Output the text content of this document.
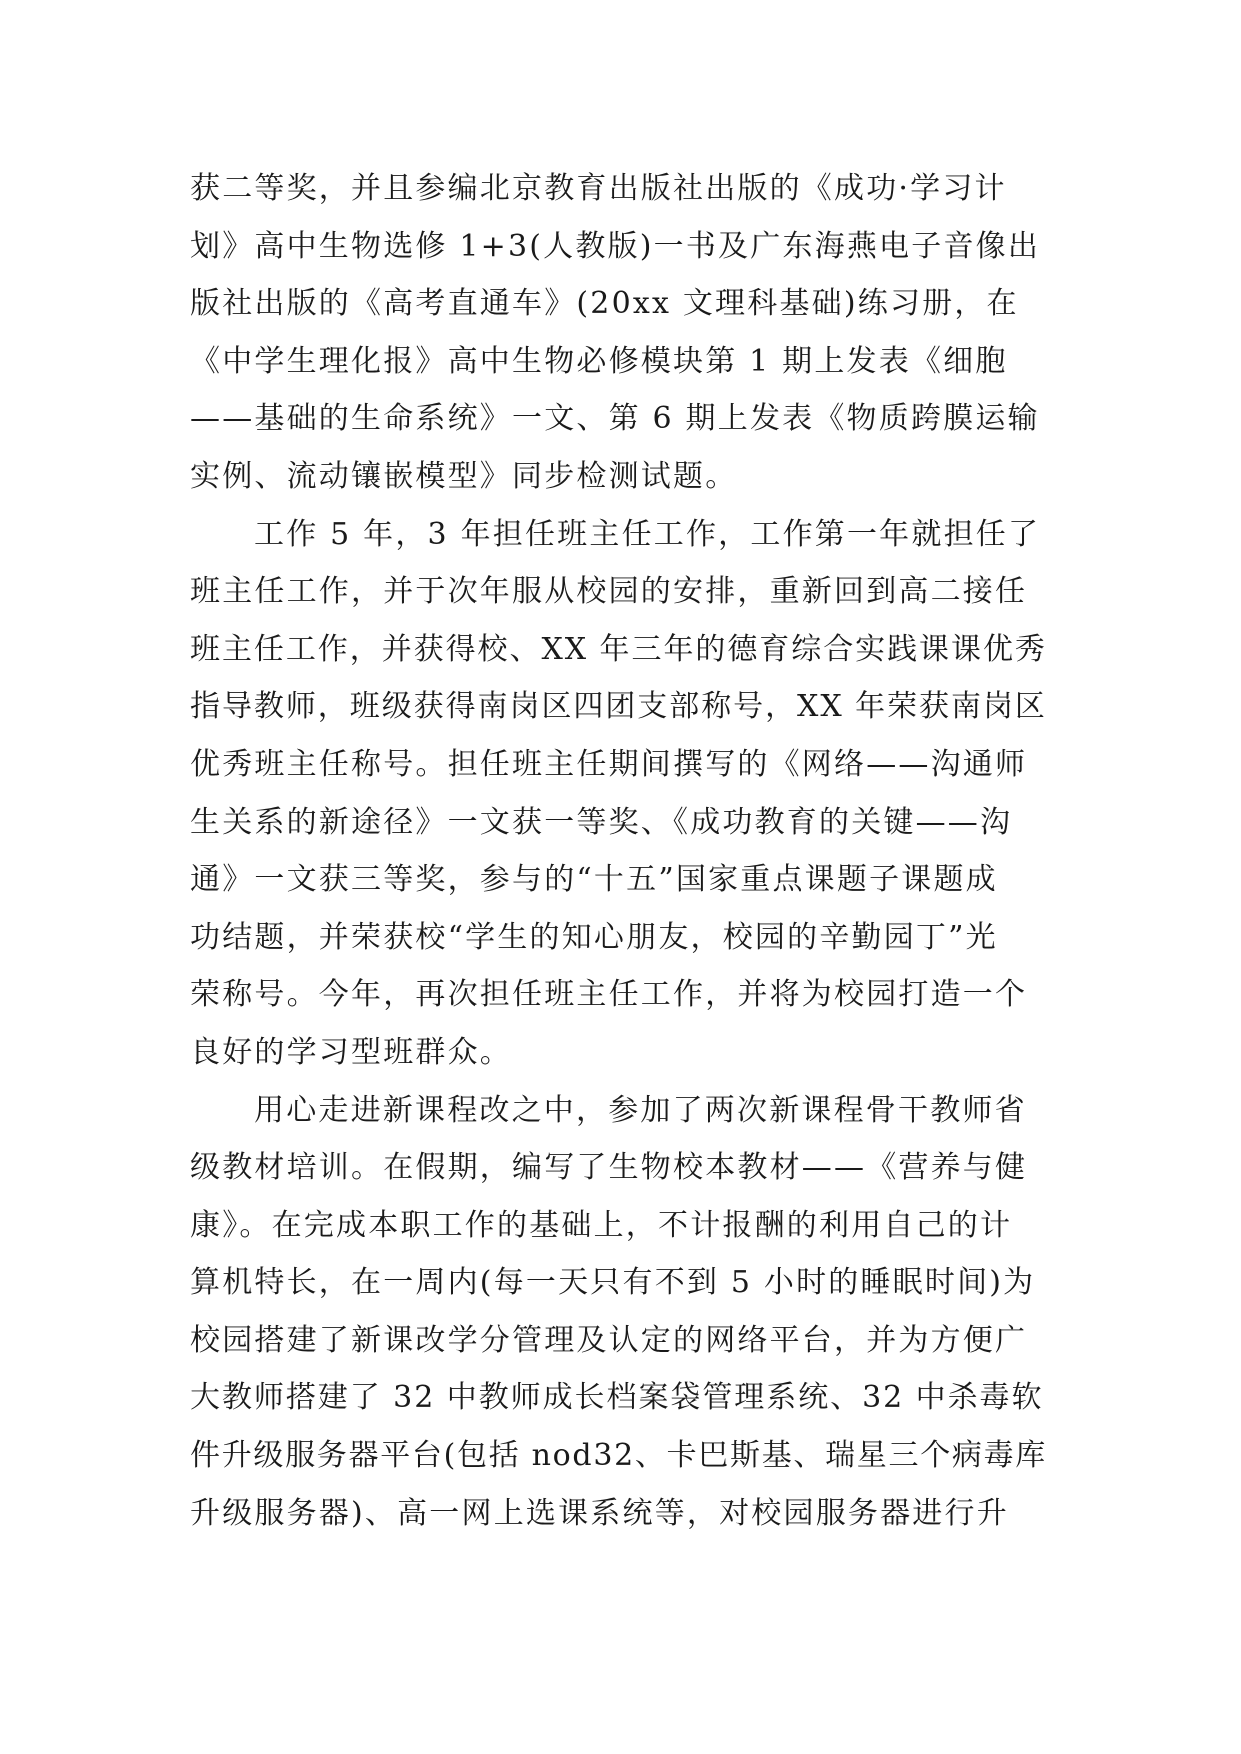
获二等奖，并且参编北京教育出版社出版的《成功·学习计
划》高中生物选修 1+3(人教版)一书及广东海燕电子音像出
版社出版的《高考直通车》(20xx 文理科基础)练习册，在
《中学生理化报》高中生物必修模块第 1 期上发表《细胞
——基础的生命系统》一文、第 6 期上发表《物质跨膜运输
实例、流动镶嵌模型》同步检测试题。
工作 5 年，3 年担任班主任工作，工作第一年就担任了
班主任工作，并于次年服从校园的安排，重新回到高二接任
班主任工作，并获得校、XX 年三年的德育综合实践课课优秀
指导教师，班级获得南岗区四团支部称号，XX 年荣获南岗区
优秀班主任称号。担任班主任期间撰写的《网络——沟通师
生关系的新途径》一文获一等奖、《成功教育的关键——沟
通》一文获三等奖，参与的“十五”国家重点课题子课题成
功结题，并荣获校“学生的知心朋友，校园的辛勤园丁”光
荣称号。今年，再次担任班主任工作，并将为校园打造一个
良好的学习型班群众。
用心走进新课程改之中，参加了两次新课程骨干教师省
级教材培训。在假期，编写了生物校本教材——《营养与健
康》。在完成本职工作的基础上，不计报酬的利用自己的计
算机特长，在一周内(每一天只有不到 5 小时的睡眠时间)为
校园搭建了新课改学分管理及认定的网络平台，并为方便广
大教师搭建了 32 中教师成长档案袋管理系统、32 中杀毒软
件升级服务器平台(包括 nod32、卡巴斯基、瑞星三个病毒库
升级服务器)、高一网上选课系统等，对校园服务器进行升
